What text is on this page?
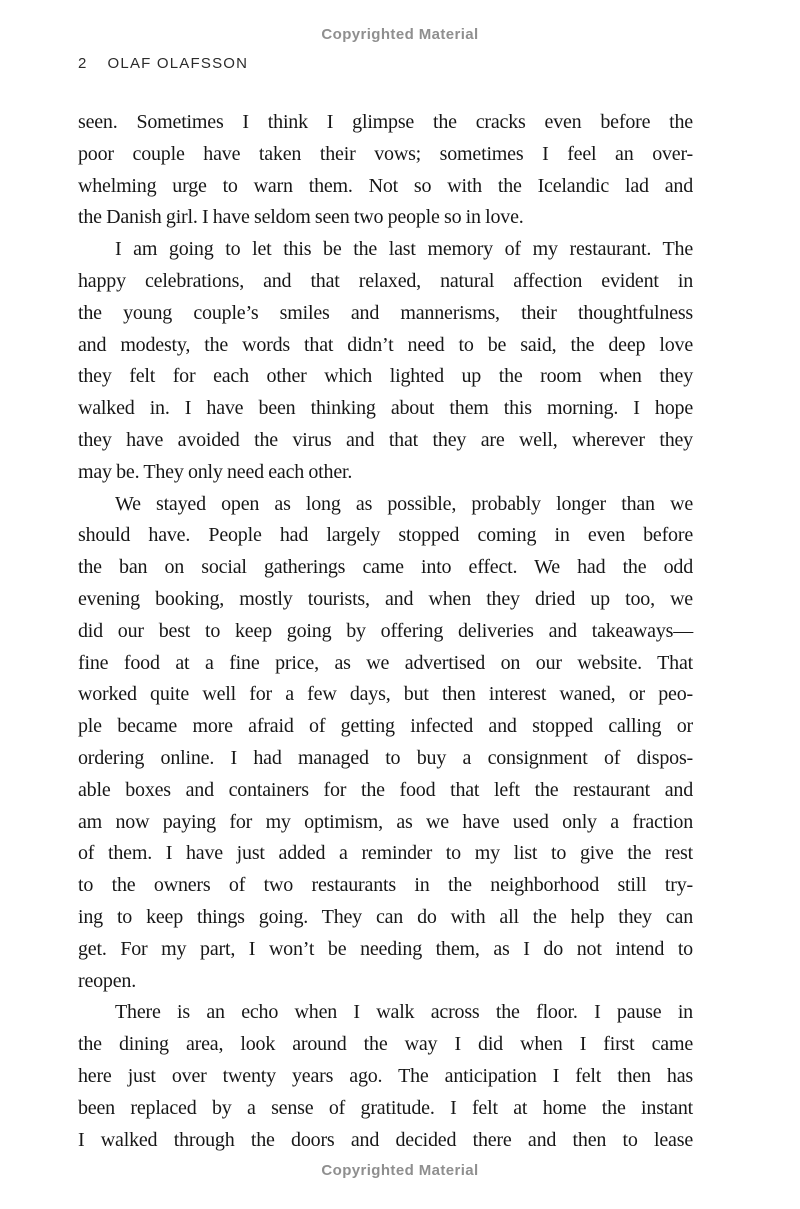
Copyrighted Material
2 OLAF OLAFSSON
seen. Sometimes I think I glimpse the cracks even before the
poor couple have taken their vows; sometimes I feel an over-
whelming urge to warn them. Not so with the Icelandic lad and
the Danish girl. I have seldom seen two people so in love.
I am going to let this be the last memory of my restaurant. The
happy celebrations, and that relaxed, natural affection evident in
the young couple’s smiles and mannerisms, their thoughtfulness
and modesty, the words that didn’t need to be said, the deep love
they felt for each other which lighted up the room when they
walked in. I have been thinking about them this morning. I hope
they have avoided the virus and that they are well, wherever they
may be. They only need each other.
We stayed open as long as possible, probably longer than we
should have. People had largely stopped coming in even before
the ban on social gatherings came into effect. We had the odd
evening booking, mostly tourists, and when they dried up too, we
did our best to keep going by offering deliveries and takeaways—
fine food at a fine price, as we advertised on our website. That
worked quite well for a few days, but then interest waned, or peo-
ple became more afraid of getting infected and stopped calling or
ordering online. I had managed to buy a consignment of dispos-
able boxes and containers for the food that left the restaurant and
am now paying for my optimism, as we have used only a fraction
of them. I have just added a reminder to my list to give the rest
to the owners of two restaurants in the neighborhood still try-
ing to keep things going. They can do with all the help they can
get. For my part, I won’t be needing them, as I do not intend to
reopen.
There is an echo when I walk across the floor. I pause in
the dining area, look around the way I did when I first came
here just over twenty years ago. The anticipation I felt then has
been replaced by a sense of gratitude. I felt at home the instant
I walked through the doors and decided there and then to lease
Copyrighted Material
